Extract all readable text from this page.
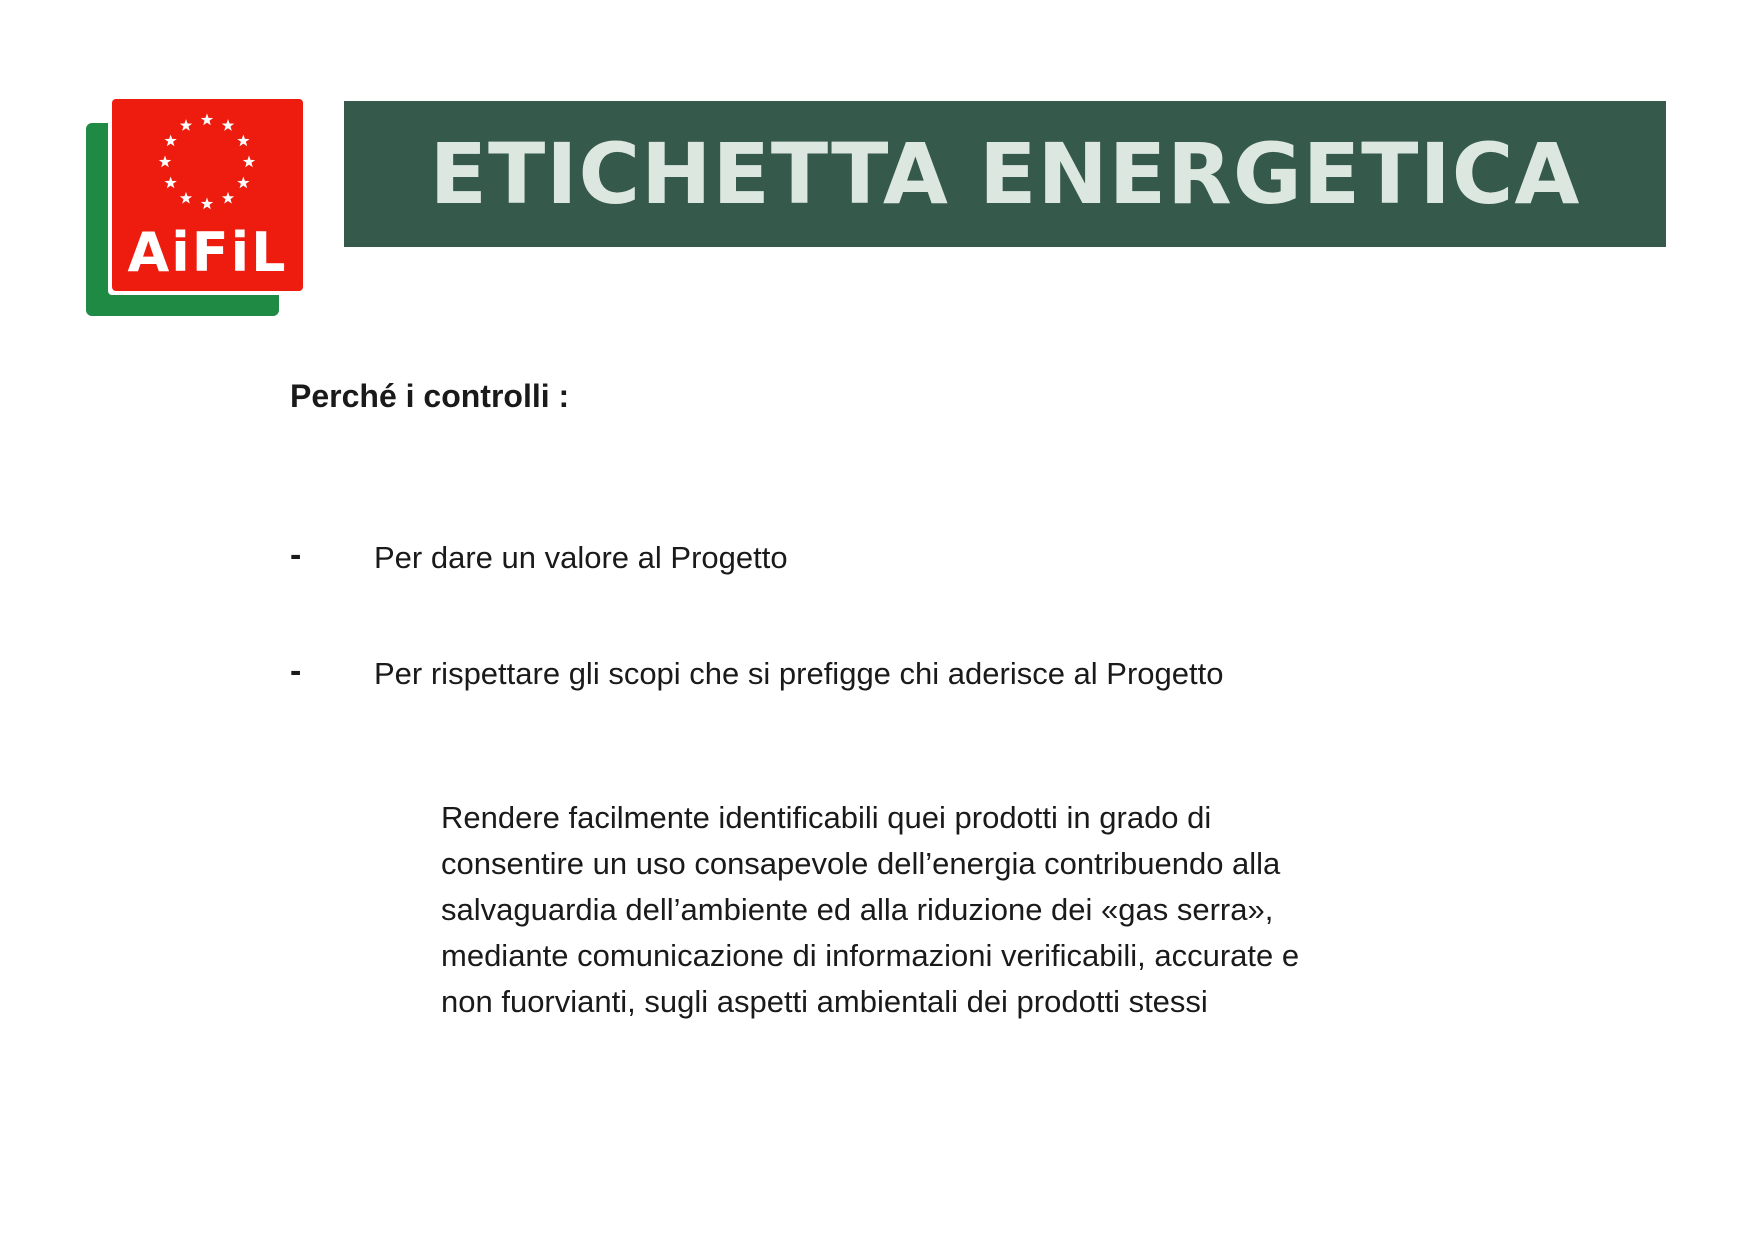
AiFiL
ETICHETTA ENERGETICA
Perché i controlli :
- Per dare un valore al Progetto
- Per rispettare gli scopi che si prefigge chi aderisce al Progetto

Rendere facilmente identificabili quei prodotti in grado di
consentire un uso consapevole dell’energia contribuendo alla
salvaguardia dell’ambiente ed alla riduzione dei «gas serra»,
mediante comunicazione di informazioni verificabili, accurate e
non fuorvianti, sugli aspetti ambientali dei prodotti stessi
